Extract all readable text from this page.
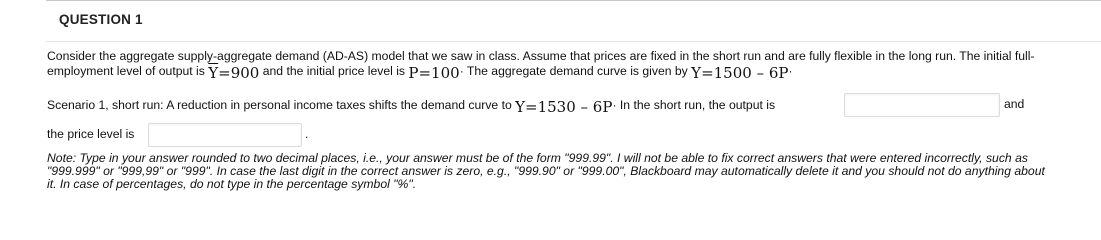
QUESTION 1

Consider the aggregate supply-aggregate demand (AD-AS) model that we saw in class. Assume that prices are fixed in the short run and are fully flexible in the long run. The initial full-employment level of output is $\overline{Y}=900$ and the initial price level is P=100· The aggregate demand curve is given by Y=1500 – 6P·

Scenario 1, short run: A reduction in personal income taxes shifts the demand curve to Y=1530 – 6P· In the short run, the output is	and
the price level is	.
Note: Type in your answer rounded to two decimal places, i.e., your answer must be of the form "999.99". I will not be able to fix correct answers that were entered incorrectly, such as "999.999" or "999,99" or "999". In case the last digit in the correct answer is zero, e.g., "999.90" or "999.00", Blackboard may automatically delete it and you should not do anything about it. In case of percentages, do not type in the percentage symbol "%".
